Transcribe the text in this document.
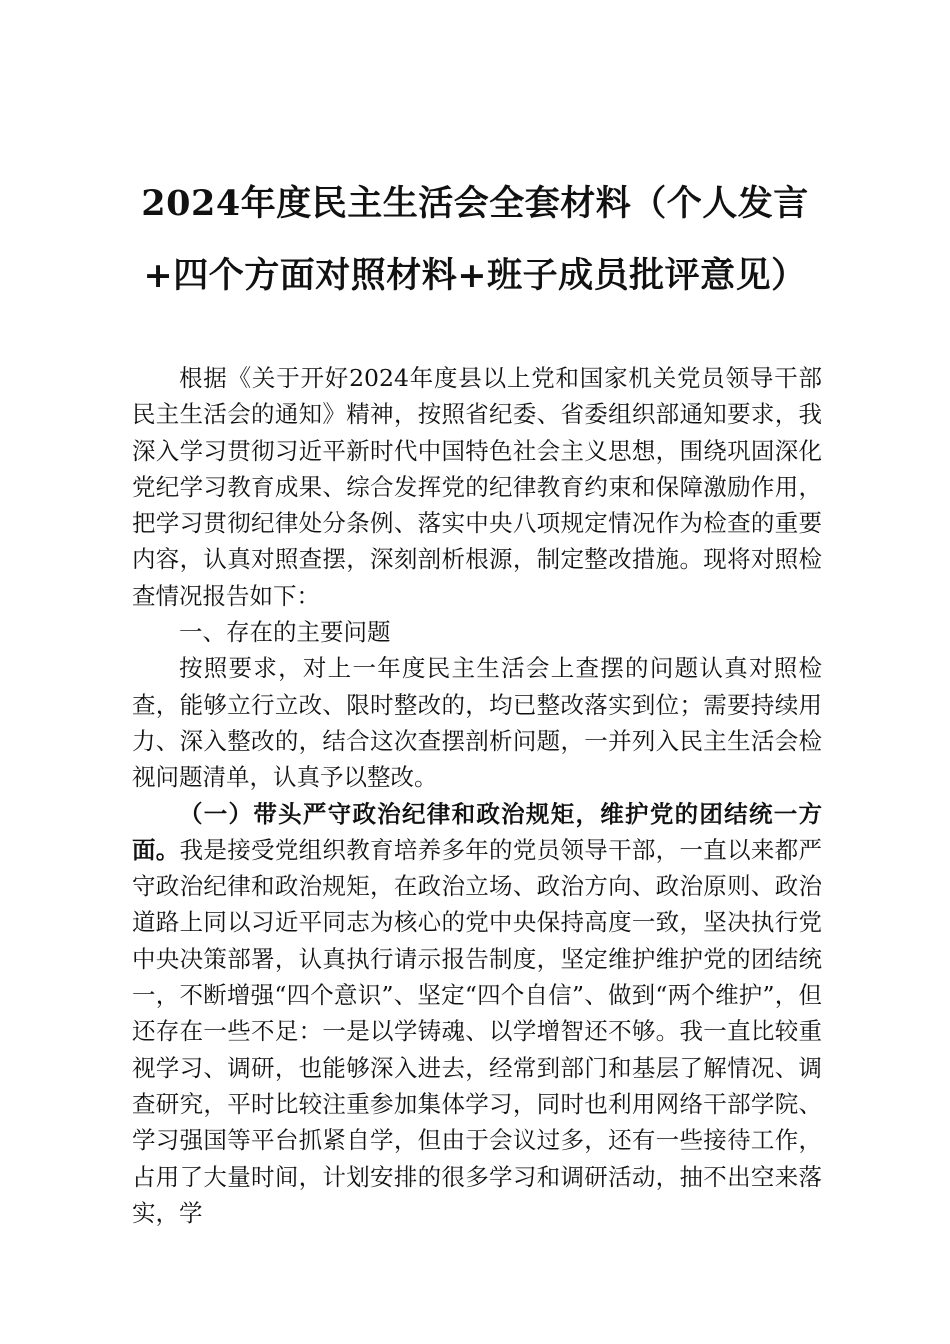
2024年度民主生活会全套材料（个人发言+四个方面对照材料+班子成员批评意见）

根据《关于开好2024年度县以上党和国家机关党员领导干部民主生活会的通知》精神，按照省纪委、省委组织部通知要求，我深入学习贯彻习近平新时代中国特色社会主义思想，围绕巩固深化党纪学习教育成果、综合发挥党的纪律教育约束和保障激励作用，把学习贯彻纪律处分条例、落实中央八项规定情况作为检查的重要内容，认真对照查摆，深刻剖析根源，制定整改措施。现将对照检查情况报告如下：

一、存在的主要问题

按照要求，对上一年度民主生活会上查摆的问题认真对照检查，能够立行立改、限时整改的，均已整改落实到位；需要持续用力、深入整改的，结合这次查摆剖析问题，一并列入民主生活会检视问题清单，认真予以整改。

（一）带头严守政治纪律和政治规矩，维护党的团结统一方面。我是接受党组织教育培养多年的党员领导干部，一直以来都严守政治纪律和政治规矩，在政治立场、政治方向、政治原则、政治道路上同以习近平同志为核心的党中央保持高度一致，坚决执行党中央决策部署，认真执行请示报告制度，坚定维护维护党的团结统一，不断增强“四个意识”、坚定“四个自信”、做到“两个维护”，但还存在一些不足：一是以学铸魂、以学增智还不够。我一直比较重视学习、调研，也能够深入进去，经常到部门和基层了解情况、调查研究，平时比较注重参加集体学习，同时也利用网络干部学院、学习强国等平台抓紧自学，但由于会议过多，还有一些接待工作，占用了大量时间，计划安排的很多学习和调研活动，抽不出空来落实，学
